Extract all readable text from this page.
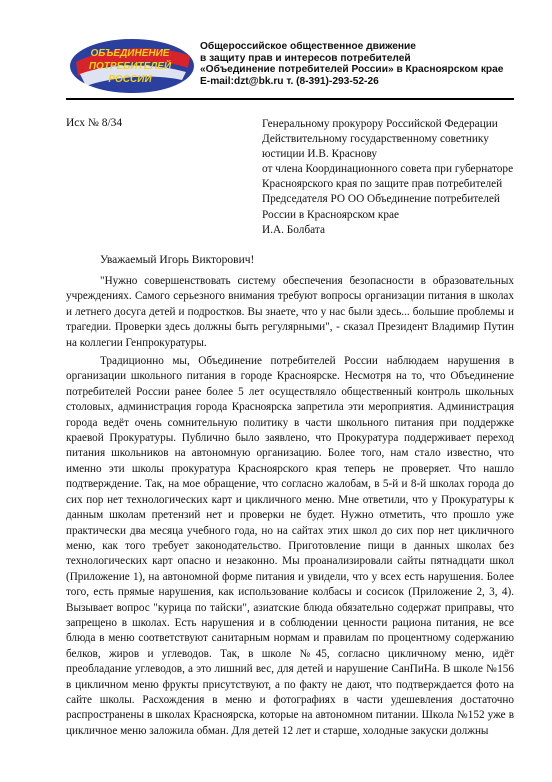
ОБЪЕДИНЕНИЕ
ПОТРЕБИТЕЛЕЙ
РОССИИ
Общероссийское общественное движение
в защиту прав и интересов потребителей
«Объединение потребителей России» в Красноярском крае
E-mail:dzt@bk.ru т. (8-391)-293-52-26
Исх № 8/34	Генеральному прокурору Российской Федерации
Действительному государственному советнику
юстиции И.В. Краснову
от члена Координационного совета при губернаторе
Красноярского края по защите прав потребителей
Председателя РО ОО Объединение потребителей
России в Красноярском крае
И.А. Болбата
Уважаемый Игорь Викторович!

"Нужно совершенствовать систему обеспечения безопасности в образовательных учреждениях. Самого серьезного внимания требуют вопросы организации питания в школах и летнего досуга детей и подростков. Вы знаете, что у нас были здесь... большие проблемы и трагедии. Проверки здесь должны быть регулярными", - сказал Президент Владимир Путин на коллегии Генпрокуратуры.

Традиционно мы, Объединение потребителей России наблюдаем нарушения в организации школьного питания в городе Красноярске. Несмотря на то, что Объединение потребителей России ранее более 5 лет осуществляло общественный контроль школьных столовых, администрация города Красноярска запретила эти мероприятия. Администрация города ведёт очень сомнительную политику в части школьного питания при поддержке краевой Прокуратуры. Публично было заявлено, что Прокуратура поддерживает переход питания школьников на автономную организацию. Более того, нам стало известно, что именно эти школы прокуратура Красноярского края теперь не проверяет. Что нашло подтверждение. Так, на мое обращение, что согласно жалобам, в 5-й и 8-й школах города до сих пор нет технологических карт и цикличного меню. Мне ответили, что у Прокуратуры к данным школам претензий нет и проверки не будет. Нужно отметить, что прошло уже практически два месяца учебного года, но на сайтах этих школ до сих пор нет цикличного меню, как того требует законодательство. Приготовление пищи в данных школах без технологических карт опасно и незаконно. Мы проанализировали сайты пятнадцати школ (Приложение 1), на автономной форме питания и увидели, что у всех есть нарушения. Более того, есть прямые нарушения, как использование колбасы и сосисок (Приложение 2, 3, 4). Вызывает вопрос "курица по тайски", азиатские блюда обязательно содержат приправы, что запрещено в школах. Есть нарушения и в соблюдении ценности рациона питания, не все блюда в меню соответствуют санитарным нормам и правилам по процентному содержанию белков, жиров и углеводов. Так, в школе №45, согласно цикличному меню, идёт преобладание углеводов, а это лишний вес, для детей и нарушение СанПиНа. В школе №156 в цикличном меню фрукты присутствуют, а по факту не дают, что подтверждается фото на сайте школы. Расхождения в меню и фотографиях в части удешевления достаточно распространены в школах Красноярска, которые на автономном питании. Школа №152 уже в цикличное меню заложила обман. Для детей 12 лет и старше, холодные закуски должны
